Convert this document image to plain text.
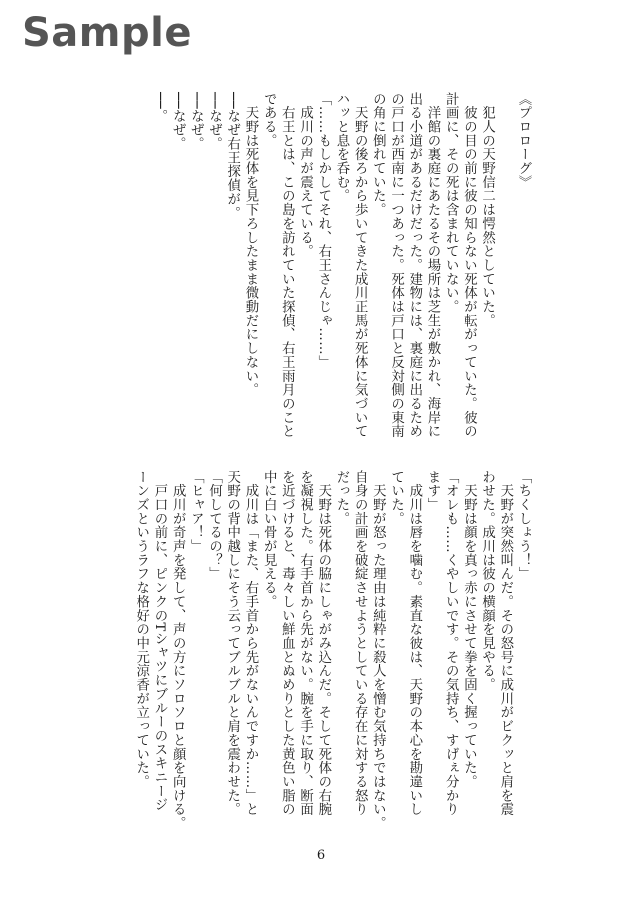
Sample
《プロローグ》

　犯人の天野信二は愕然としていた。
　彼の目の前に彼の知らない死体が転がっていた。彼の
計画に、その死は含まれていない。
　洋館の裏庭にあたるその場所は芝生が敷かれ、海岸に
出る小道があるだけだった。建物には、裏庭に出るため
の戸口が西南に一つあった。死体は戸口と反対側の東南
の角に倒れていた。
　天野の後ろから歩いてきた成川正馬が死体に気づいて
ハッと息を呑む。
「……もしかしてそれ、右王さんじゃ……」
　成川の声が震えている。
　右王とは、この島を訪れていた探偵、右王雨月のこと
である。
　天野は死体を見下ろしたまま微動だにしない。
──なぜ右王探偵が。
──なぜ。
──なぜ。
──なぜ。
──。
「ちくしょう！」
　天野が突然叫んだ。その怒号に成川がビクッと肩を震
わせた。成川は彼の横顔を見やる。
　天野は顔を真っ赤にさせて拳を固く握っていた。
「オレも……くやしいです。その気持ち、すげぇ分かり
ます」
　成川は唇を噛む。素直な彼は、天野の本心を勘違いし
ていた。
　天野が怒った理由は純粋に殺人を憎む気持ちではない。
自身の計画を破綻させようとしている存在に対する怒り
だった。
　天野は死体の脇にしゃがみ込んだ。そして死体の右腕
を凝視した。右手首から先がない。腕を手に取り、断面
を近づけると、毒々しい鮮血とぬめりとした黄色い脂の
中に白い骨が見える。
　成川は「また、右手首から先がないんですか……」と
天野の背中越しにそう云ってブルブルと肩を震わせた。
「何してるの？」
「ヒャア！」
　成川が奇声を発して、声の方にソロソロと顔を向ける。
　戸口の前に、ピンクのTシャツにブルーのスキニージ
ーンズというラフな格好の中元涼香が立っていた。
6
